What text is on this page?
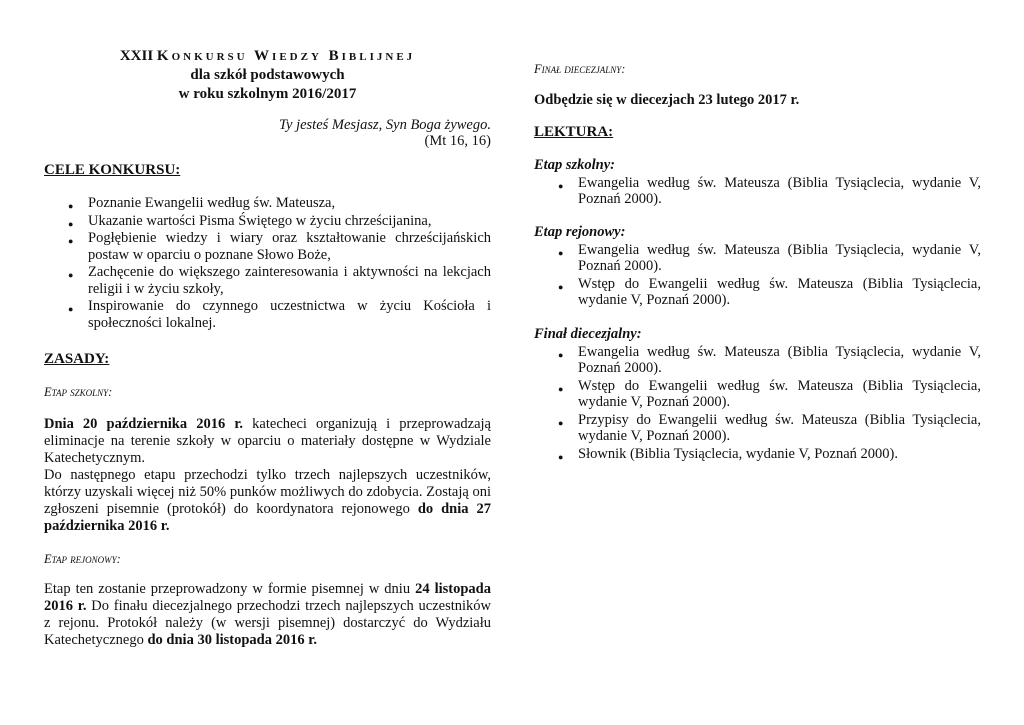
XXII Konkursu Wiedzy Biblijnej
dla szkół podstawowych
w roku szkolnym 2016/2017
Ty jesteś Mesjasz, Syn Boga żywego.
(Mt 16, 16)
CELE KONKURSU:
● Poznanie Ewangelii według św. Mateusza,
● Ukazanie wartości Pisma Świętego w życiu chrześcijanina,
● Pogłębienie wiedzy i wiary oraz kształtowanie chrześcijańskich postaw w oparciu o poznane Słowo Boże,
● Zachęcenie do większego zainteresowania i aktywności na lekcjach religii i w życiu szkoły,
● Inspirowanie do czynnego uczestnictwa w życiu Kościoła i społeczności lokalnej.
ZASADY:
Etap szkolny:
Dnia 20 października 2016 r. katecheci organizują i przeprowadzają eliminacje na terenie szkoły w oparciu o materiały dostępne w Wydziale Katechetycznym.
Do następnego etapu przechodzi tylko trzech najlepszych uczestników, którzy uzyskali więcej niż 50% punków możliwych do zdobycia. Zostają oni zgłoszeni pisemnie (protokół) do koordynatora rejonowego do dnia 27 października 2016 r.
Etap rejonowy:
Etap ten zostanie przeprowadzony w formie pisemnej w dniu 24 listopada 2016 r. Do finału diecezjalnego przechodzi trzech najlepszych uczestników z rejonu. Protokół należy (w wersji pisemnej) dostarczyć do Wydziału Katechetycznego do dnia 30 listopada 2016 r.
Finał diecezjalny:
Odbędzie się w diecezjach 23 lutego 2017 r.
LEKTURA:
Etap szkolny:
● Ewangelia według św. Mateusza (Biblia Tysiąclecia, wydanie V, Poznań 2000).
Etap rejonowy:
● Ewangelia według św. Mateusza (Biblia Tysiąclecia, wydanie V, Poznań 2000).
● Wstęp do Ewangelii według św. Mateusza (Biblia Tysiąclecia, wydanie V, Poznań 2000).
Finał diecezjalny:
● Ewangelia według św. Mateusza (Biblia Tysiąclecia, wydanie V, Poznań 2000).
● Wstęp do Ewangelii według św. Mateusza (Biblia Tysiąclecia, wydanie V, Poznań 2000).
● Przypisy do Ewangelii według św. Mateusza (Biblia Tysiąclecia, wydanie V, Poznań 2000).
● Słownik (Biblia Tysiąclecia, wydanie V, Poznań 2000).
